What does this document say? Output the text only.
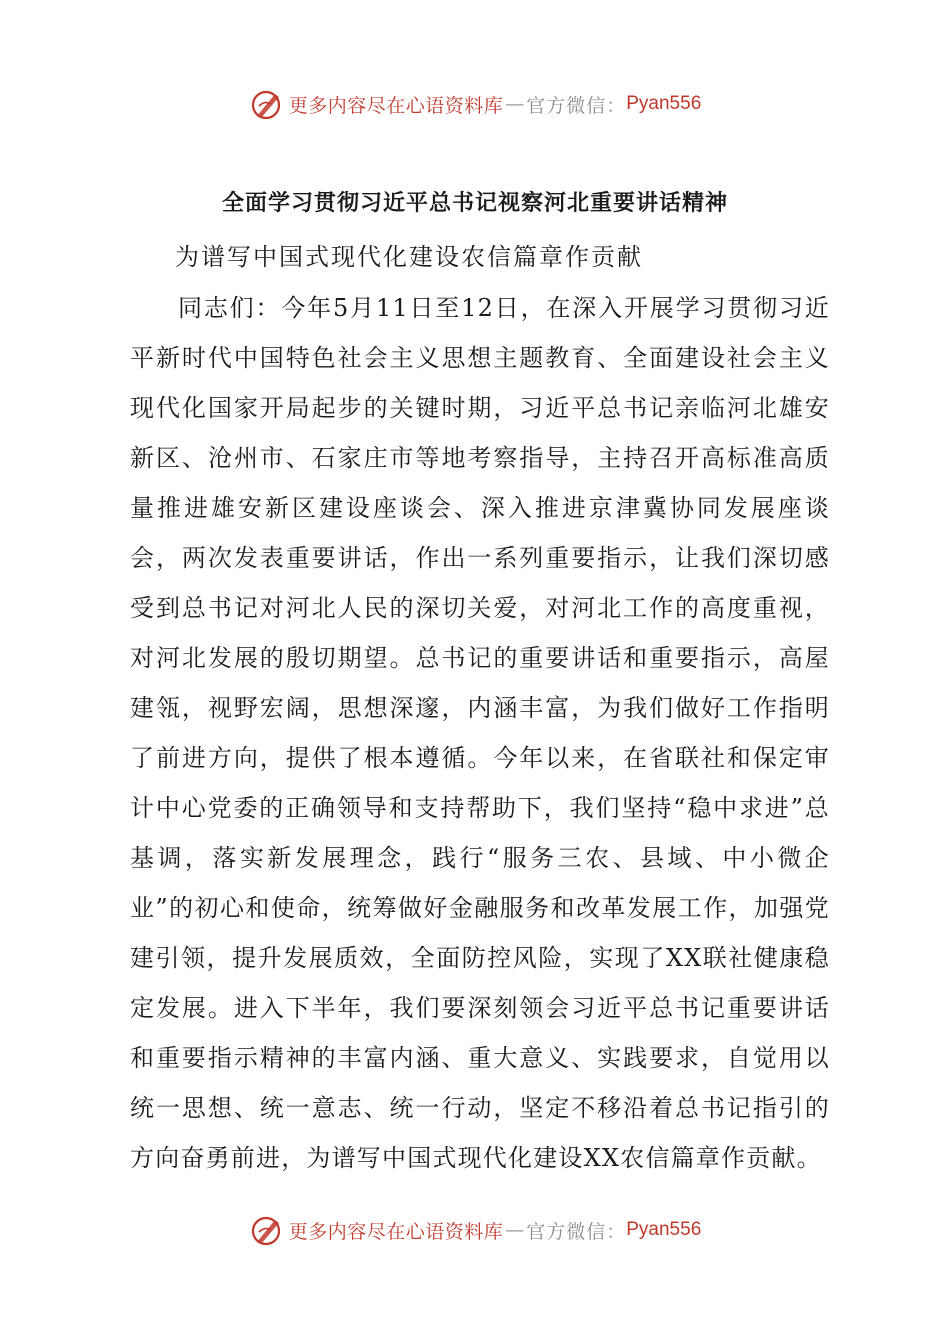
更多内容尽在心语资料库 — 官方微信： Pyan556
全面学习贯彻习近平总书记视察河北重要讲话精神
为谱写中国式现代化建设农信篇章作贡献
同志们：今年5月11日至12日，在深入开展学习贯彻习近平新时代中国特色社会主义思想主题教育、全面建设社会主义现代化国家开局起步的关键时期，习近平总书记亲临河北雄安新区、沧州市、石家庄市等地考察指导，主持召开高标准高质量推进雄安新区建设座谈会、深入推进京津冀协同发展座谈会，两次发表重要讲话，作出一系列重要指示，让我们深切感受到总书记对河北人民的深切关爱，对河北工作的高度重视，对河北发展的殷切期望。总书记的重要讲话和重要指示，高屋建瓴，视野宏阔，思想深邃，内涵丰富，为我们做好工作指明了前进方向，提供了根本遵循。今年以来，在省联社和保定审计中心党委的正确领导和支持帮助下，我们坚持“稳中求进”总基调，落实新发展理念，践行“服务三农、县域、中小微企业”的初心和使命，统筹做好金融服务和改革发展工作，加强党建引领，提升发展质效，全面防控风险，实现了XX联社健康稳定发展。进入下半年，我们要深刻领会习近平总书记重要讲话和重要指示精神的丰富内涵、重大意义、实践要求，自觉用以统一思想、统一意志、统一行动，坚定不移沿着总书记指引的方向奋勇前进，为谱写中国式现代化建设XX农信篇章作贡献。
更多内容尽在心语资料库 — 官方微信： Pyan556
